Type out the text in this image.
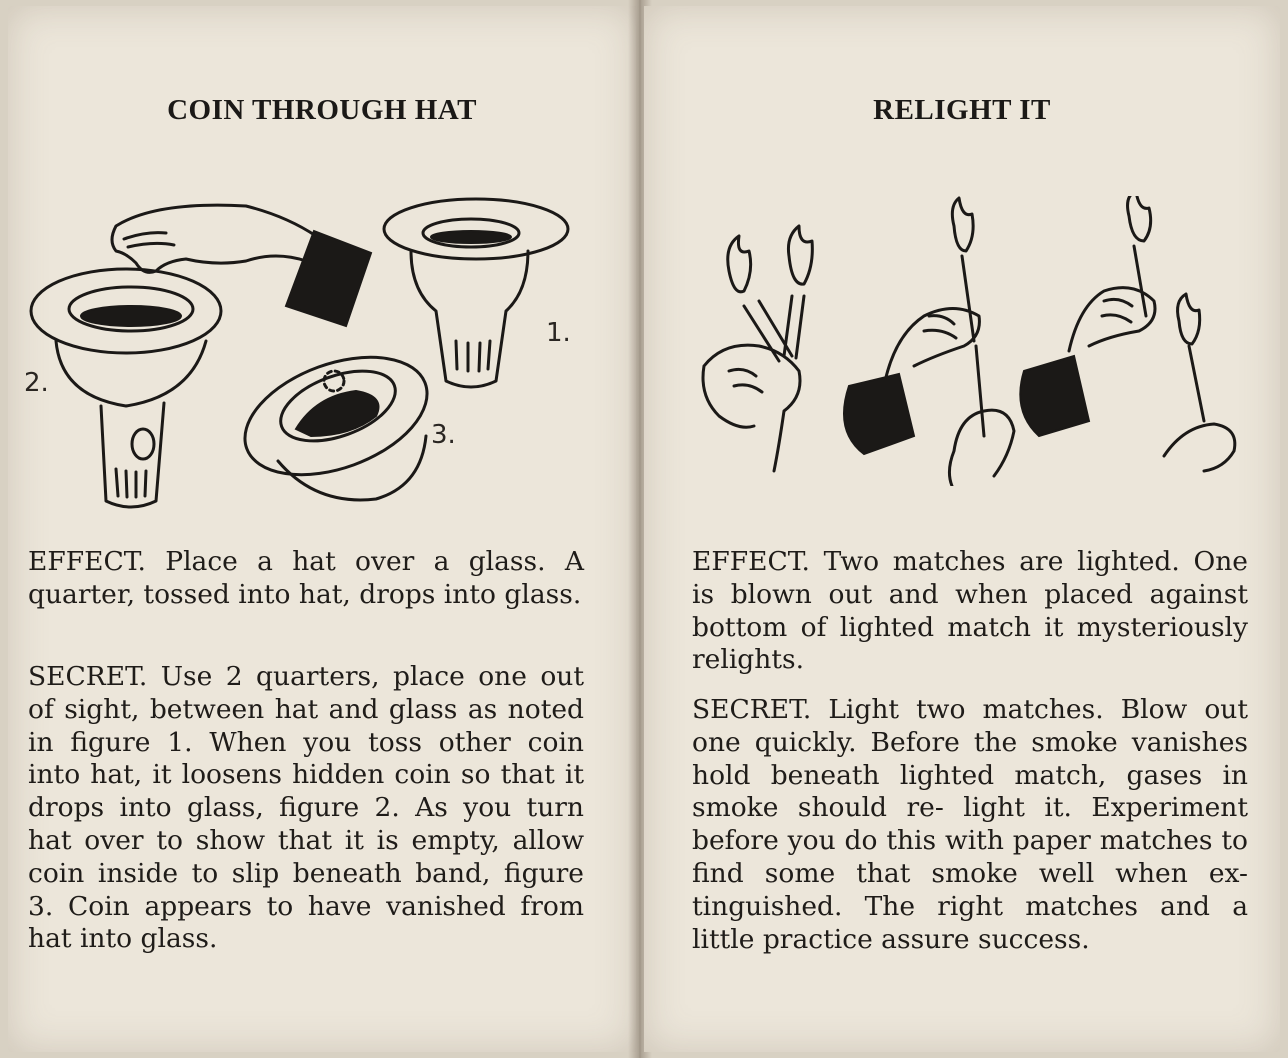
COIN THROUGH HAT
2.
1.
3.

EFFECT. Place a hat over a glass. A quarter, tossed into hat, drops into glass.

SECRET. Use 2 quarters, place one out of sight, between hat and glass as noted in figure 1. When you toss other coin into hat, it loosens hidden coin so that it drops into glass, figure 2. As you turn hat over to show that it is empty, allow coin inside to slip beneath band, figure 3. Coin appears to have vanished from hat into glass.

RELIGHT IT

EFFECT. Two matches are lighted. One is blown out and when placed against bottom of lighted match it mysteriously relights.

SECRET. Light two matches. Blow out one quickly. Before the smoke vanishes hold beneath lighted match, gases in smoke should re- light it. Experiment before you do this with paper matches to find some that smoke well when ex- tinguished. The right matches and a little practice assure success.
